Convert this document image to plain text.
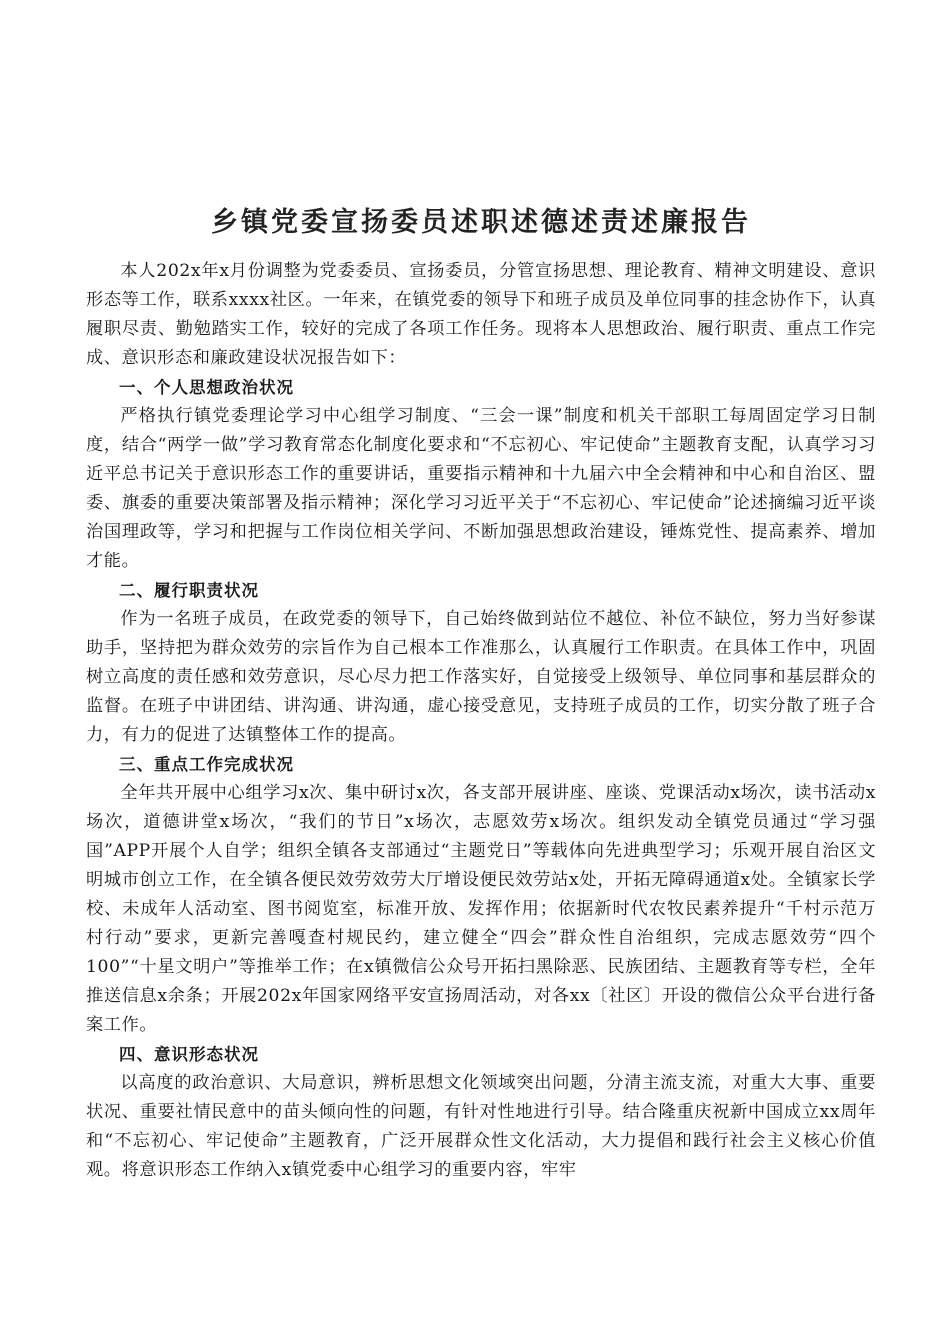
乡镇党委宣扬委员述职述德述责述廉报告

本人202x年x月份调整为党委委员、宣扬委员，分管宣扬思想、理论教育、精神文明建设、意识形态等工作，联系xxxx社区。一年来，在镇党委的领导下和班子成员及单位同事的挂念协作下，认真履职尽责、勤勉踏实工作，较好的完成了各项工作任务。现将本人思想政治、履行职责、重点工作完成、意识形态和廉政建设状况报告如下：

一、个人思想政治状况

严格执行镇党委理论学习中心组学习制度、“三会一课”制度和机关干部职工每周固定学习日制度，结合“两学一做”学习教育常态化制度化要求和“不忘初心、牢记使命”主题教育支配，认真学习习近平总书记关于意识形态工作的重要讲话，重要指示精神和十九届六中全会精神和中心和自治区、盟委、旗委的重要决策部署及指示精神；深化学习习近平关于“不忘初心、牢记使命”论述摘编习近平谈治国理政等，学习和把握与工作岗位相关学问、不断加强思想政治建设，锤炼党性、提高素养、增加才能。

二、履行职责状况

作为一名班子成员，在政党委的领导下，自己始终做到站位不越位、补位不缺位，努力当好参谋助手，坚持把为群众效劳的宗旨作为自己根本工作准那么，认真履行工作职责。在具体工作中，巩固树立高度的责任感和效劳意识，尽心尽力把工作落实好，自觉接受上级领导、单位同事和基层群众的监督。在班子中讲团结、讲沟通、讲沟通，虚心接受意见，支持班子成员的工作，切实分散了班子合力，有力的促进了达镇整体工作的提高。

三、重点工作完成状况

全年共开展中心组学习x次、集中研讨x次，各支部开展讲座、座谈、党课活动x场次，读书活动x场次，道德讲堂x场次，“我们的节日”x场次，志愿效劳x场次。组织发动全镇党员通过“学习强国”APP开展个人自学；组织全镇各支部通过“主题党日”等载体向先进典型学习；乐观开展自治区文明城市创立工作，在全镇各便民效劳效劳大厅增设便民效劳站x处，开拓无障碍通道x处。全镇家长学校、未成年人活动室、图书阅览室，标准开放、发挥作用；依据新时代农牧民素养提升“千村示范万村行动”要求，更新完善嘎查村规民约，建立健全“四会”群众性自治组织，完成志愿效劳“四个100”“十星文明户”等推举工作；在x镇微信公众号开拓扫黑除恶、民族团结、主题教育等专栏，全年推送信息x余条；开展202x年国家网络平安宣扬周活动，对各xx〔社区〕开设的微信公众平台进行备案工作。

四、意识形态状况

以高度的政治意识、大局意识，辨析思想文化领域突出问题，分清主流支流，对重大大事、重要状况、重要社情民意中的苗头倾向性的问题，有针对性地进行引导。结合隆重庆祝新中国成立xx周年和“不忘初心、牢记使命”主题教育，广泛开展群众性文化活动，大力提倡和践行社会主义核心价值观。将意识形态工作纳入x镇党委中心组学习的重要内容，牢牢
